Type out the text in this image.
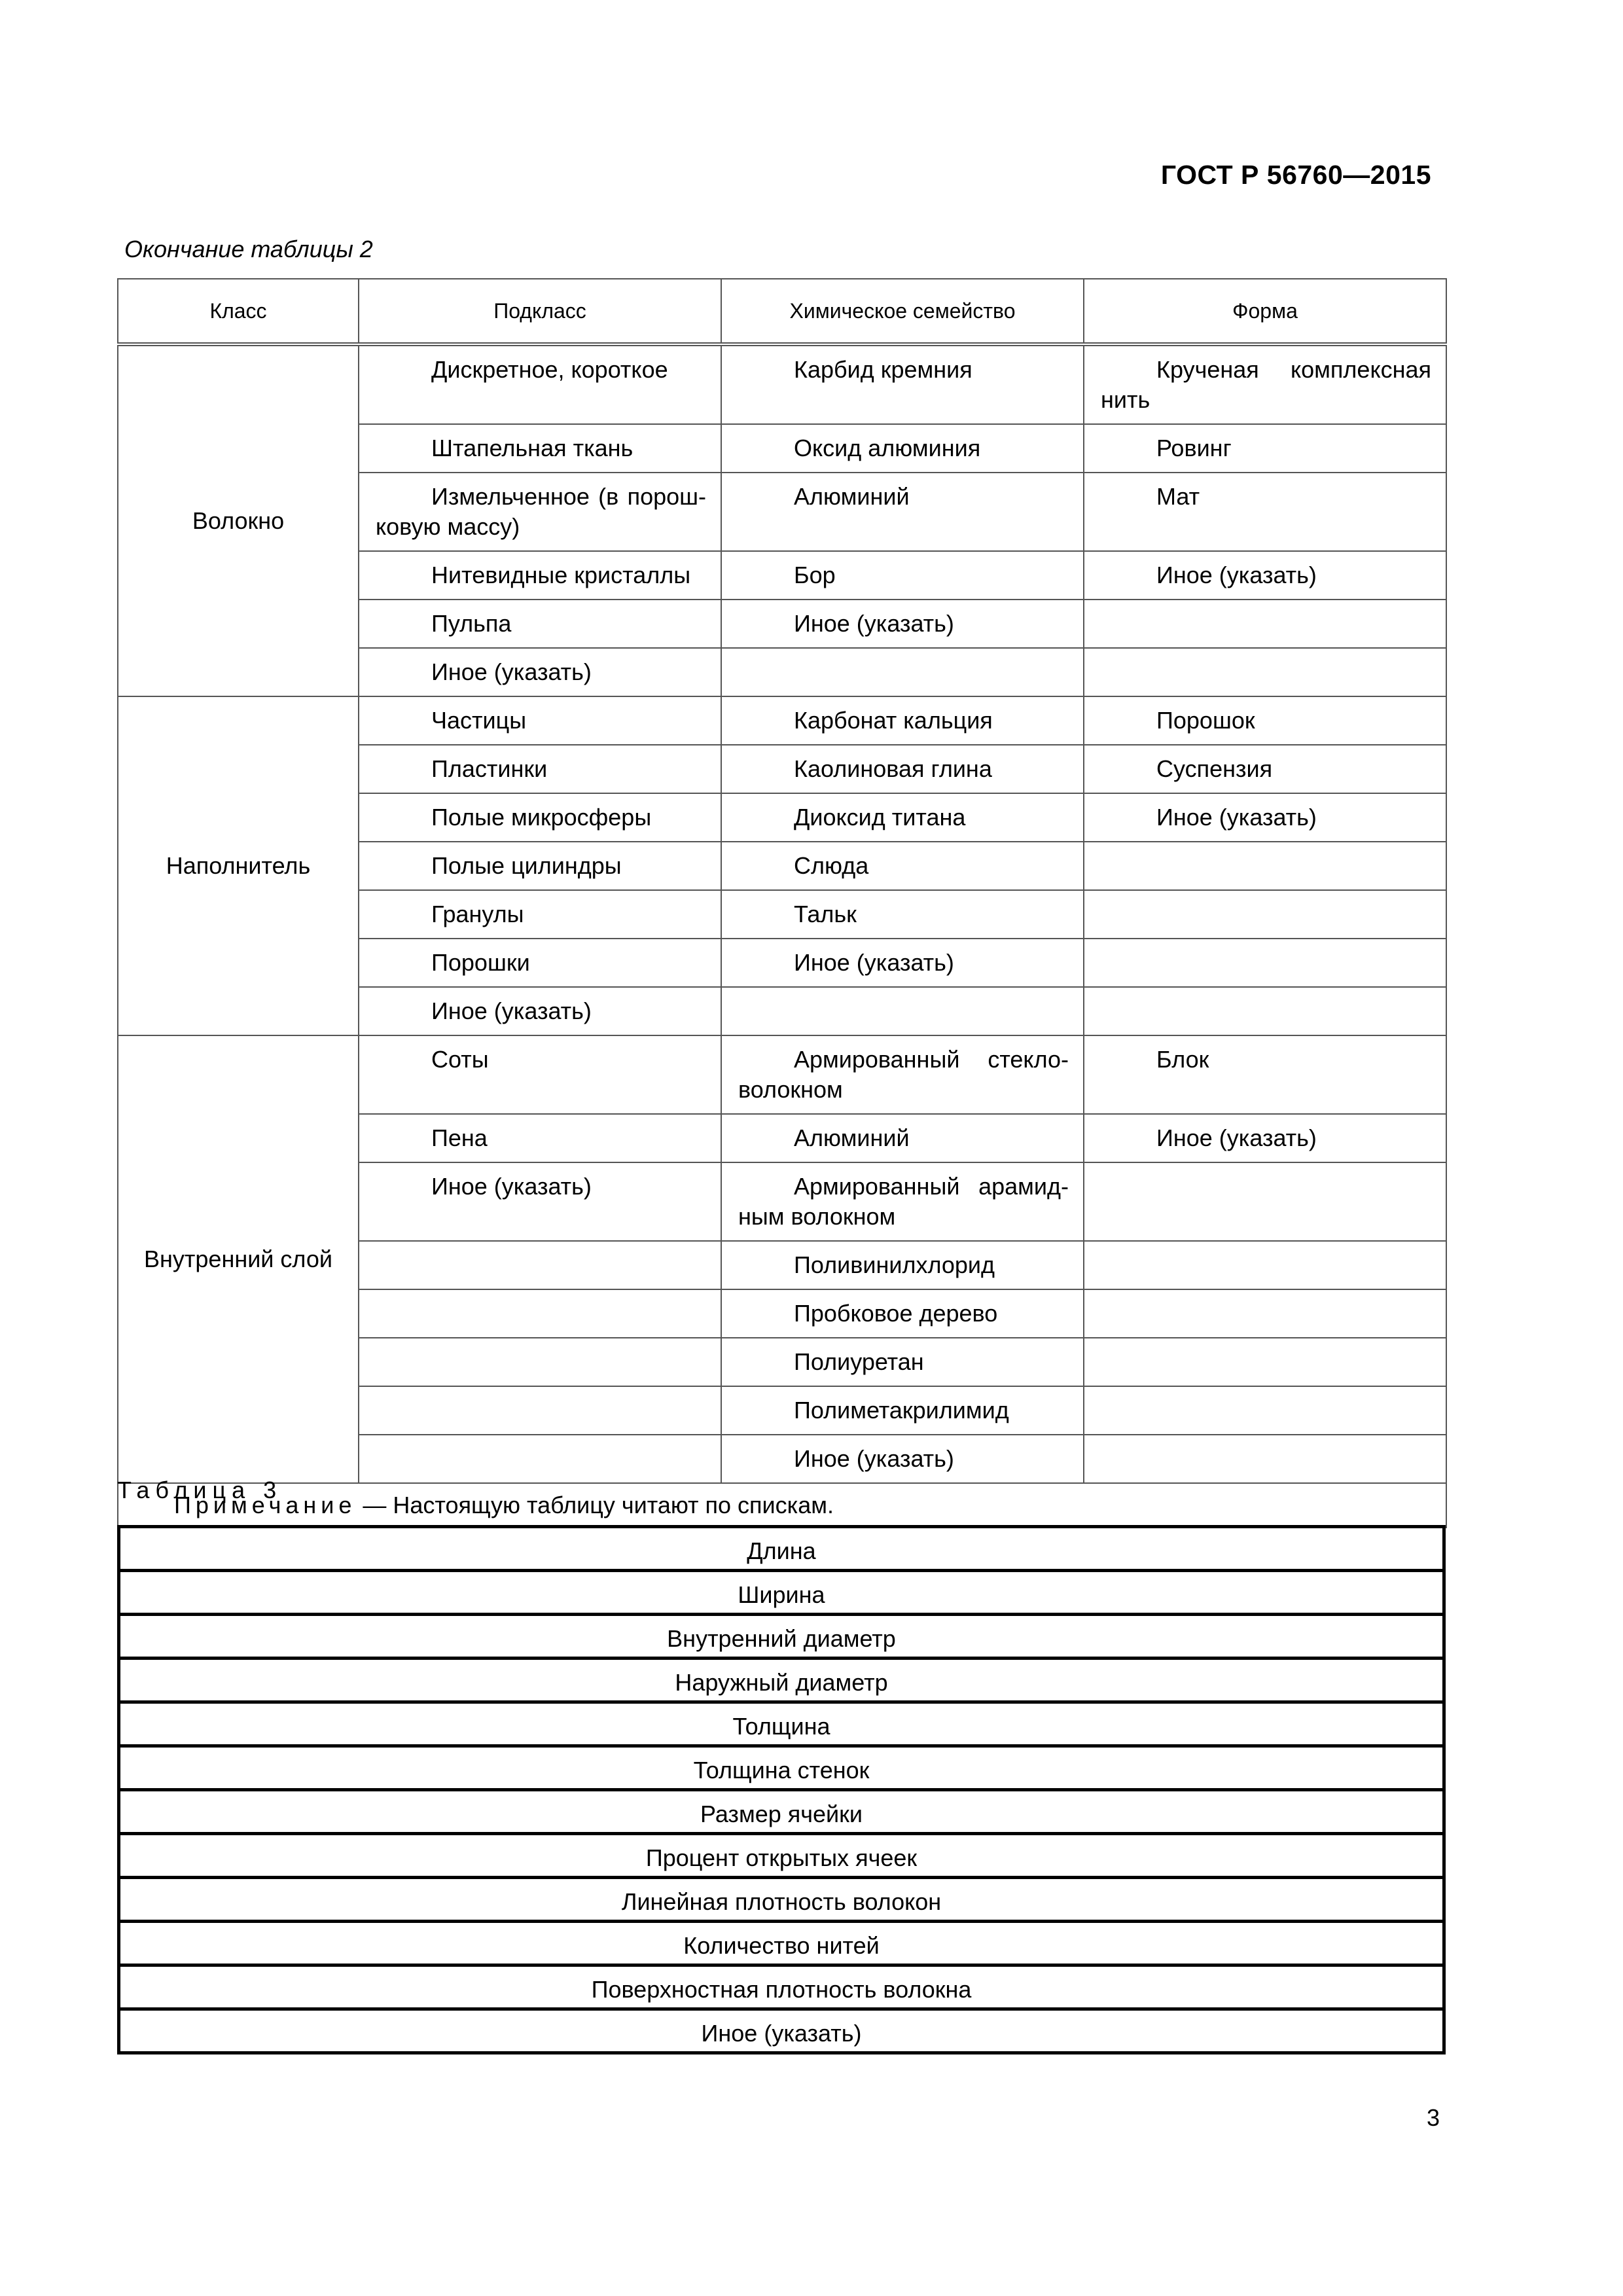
ГОСТ Р 56760—2015
Окончание таблицы 2
Класс	Подкласс	Химическое семейство	Форма
Волокно	Дискретное, короткое	Карбид кремния	Крученая комплексная нить

	Штапельная ткань	Оксид алюминия	Ровинг

	Измельченное (в порош- ковую массу)	Алюминий	Мат

	Нитевидные кристаллы	Бор	Иное (указать)

	Пульпа	Иное (указать)	

	Иное (указать)		

Наполнитель	Частицы	Карбонат кальция	Порошок

	Пластинки	Каолиновая глина	Суспензия

	Полые микросферы	Диоксид титана	Иное (указать)

	Полые цилиндры	Слюда	

	Гранулы	Тальк	

	Порошки	Иное (указать)	

	Иное (указать)		

Внутренний слой	Соты	Армированный стекло- волокном	Блок

	Пена	Алюминий	Иное (указать)

	Иное (указать)	Армированный арамид- ным волокном	

		Поливинилхлорид	

		Пробковое дерево	

		Полиуретан	

		Полиметакрилимид	

		Иное (указать)	

Примечание — Настоящую таблицу читают по спискам.			
Таблица 3
Длина
Ширина
Внутренний диаметр
Наружный диаметр
Толщина
Толщина стенок
Размер ячейки
Процент открытых ячеек
Линейная плотность волокон
Количество нитей
Поверхностная плотность волокна
Иное (указать)
3
